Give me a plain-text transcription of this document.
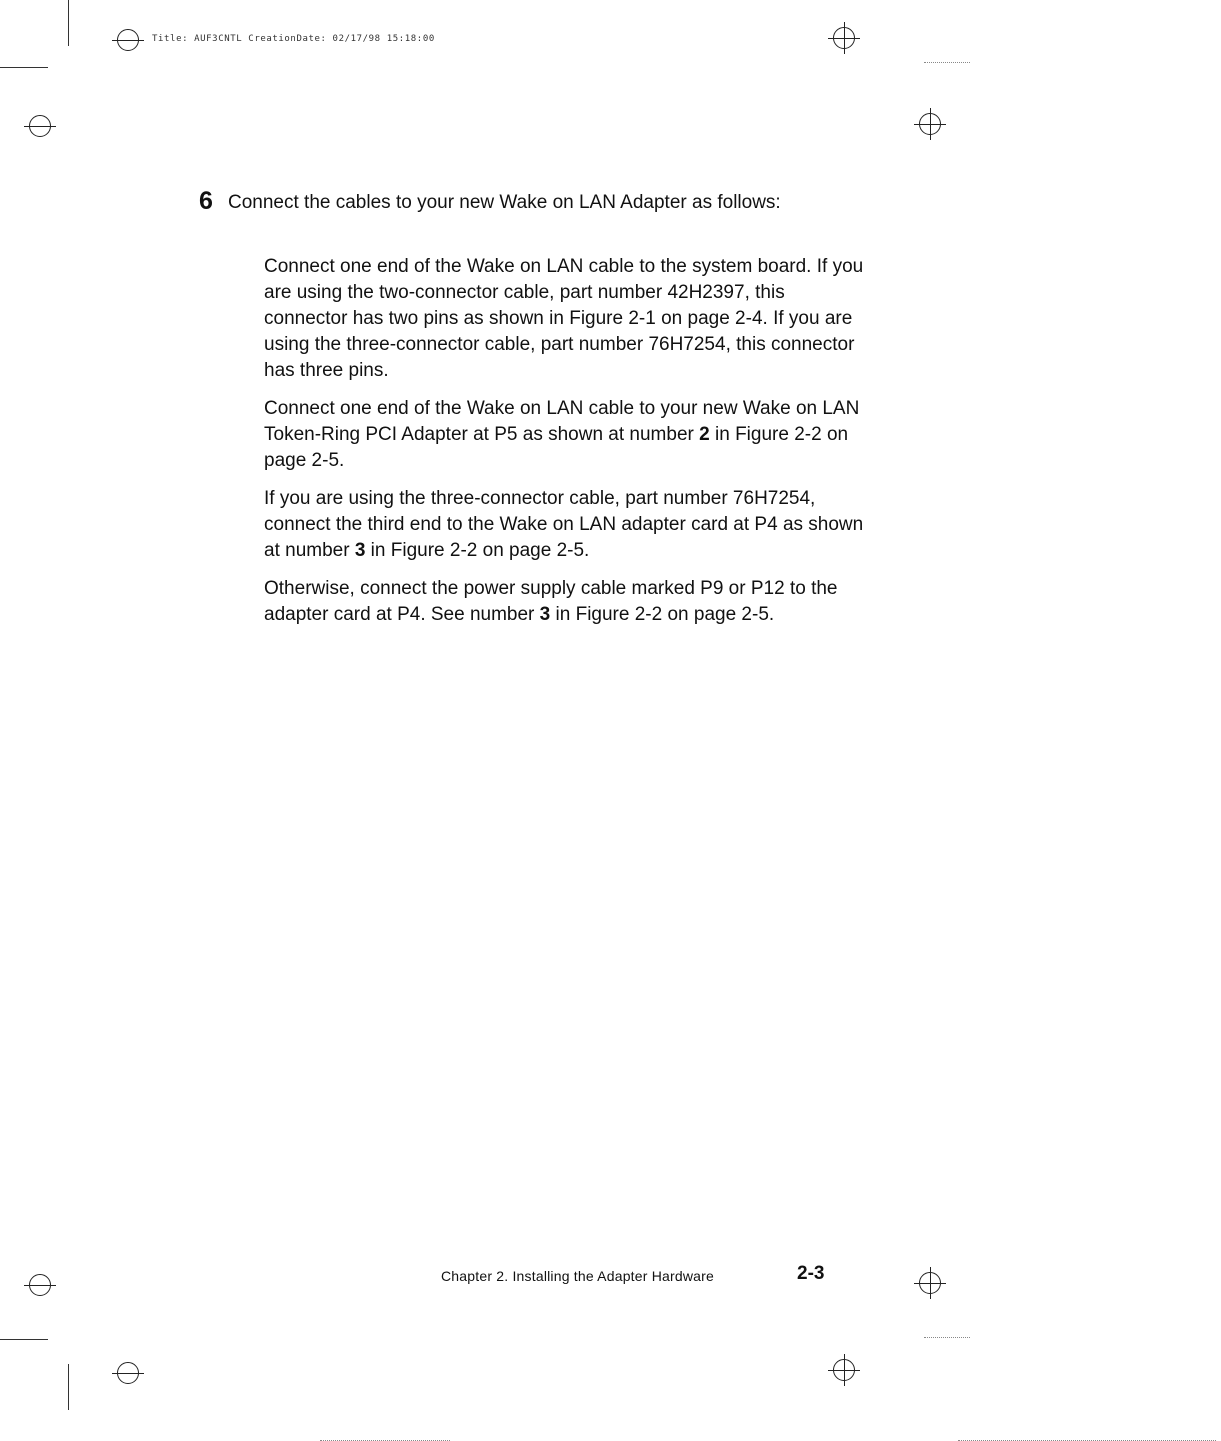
Title: AUF3CNTL CreationDate: 02/17/98 15:18:00
6 Connect the cables to your new Wake on LAN Adapter as follows:

Connect one end of the Wake on LAN cable to the system board. If you are using the two-connector cable, part number 42H2397, this connector has two pins as shown in Figure 2-1 on page 2-4. If you are using the three-connector cable, part number 76H7254, this connector has three pins.

Connect one end of the Wake on LAN cable to your new Wake on LAN Token-Ring PCI Adapter at P5 as shown at number 2 in Figure 2-2 on page 2-5.

If you are using the three-connector cable, part number 76H7254, connect the third end to the Wake on LAN adapter card at P4 as shown at number 3 in Figure 2-2 on page 2-5.

Otherwise, connect the power supply cable marked P9 or P12 to the adapter card at P4. See number 3 in Figure 2-2 on page 2-5.

Chapter 2. Installing the Adapter Hardware	2-3
